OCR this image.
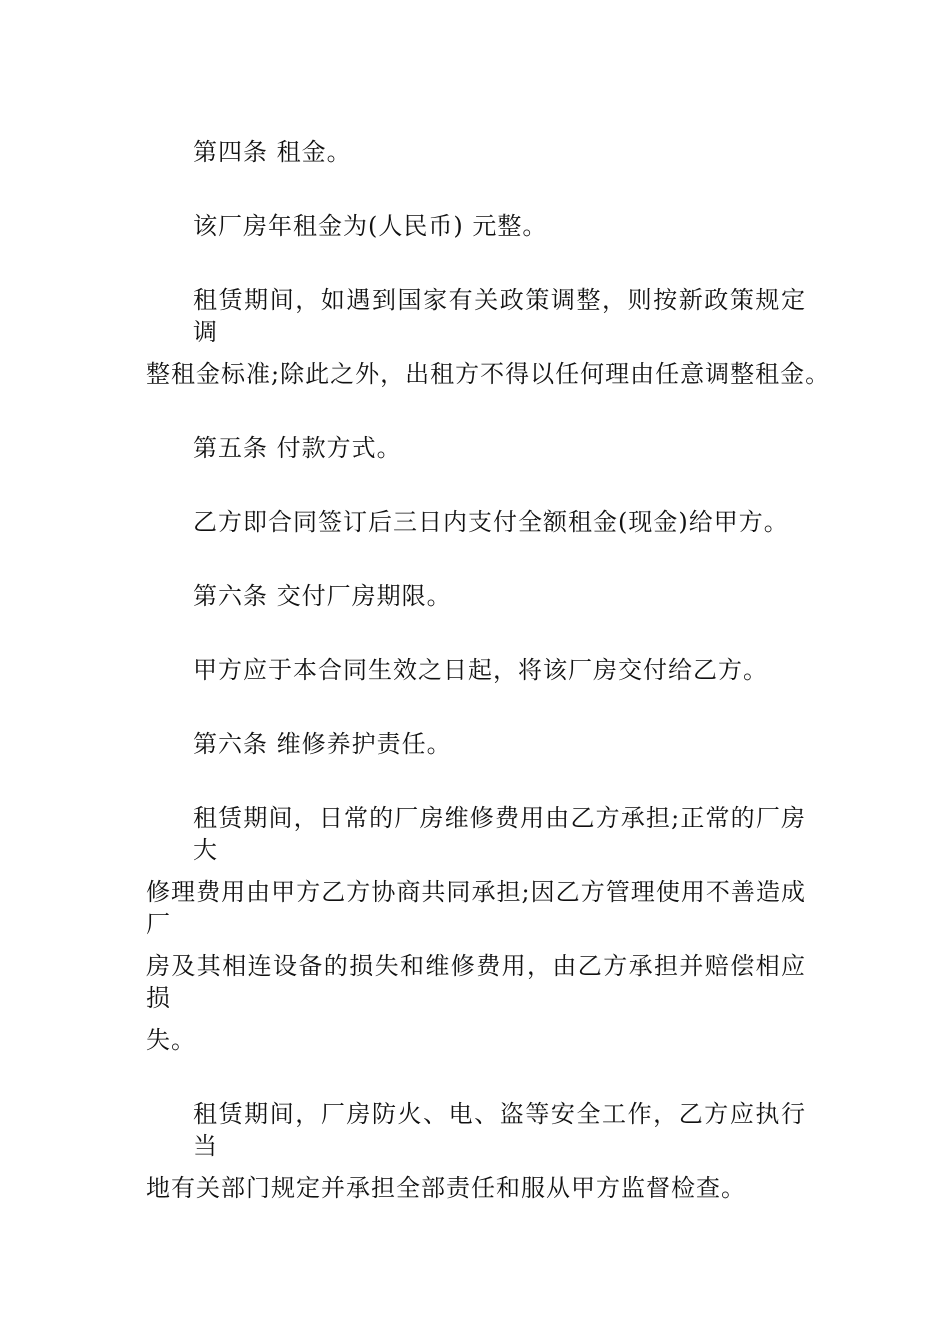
第四条 租金。
该厂房年租金为(人民币) 元整。
租赁期间，如遇到国家有关政策调整，则按新政策规定调
整租金标准;除此之外，出租方不得以任何理由任意调整租金。
第五条 付款方式。
乙方即合同签订后三日内支付全额租金(现金)给甲方。
第六条 交付厂房期限。
甲方应于本合同生效之日起，将该厂房交付给乙方。
第六条 维修养护责任。
租赁期间，日常的厂房维修费用由乙方承担;正常的厂房大
修理费用由甲方乙方协商共同承担;因乙方管理使用不善造成厂
房及其相连设备的损失和维修费用，由乙方承担并赔偿相应损
失。
租赁期间，厂房防火、电、盗等安全工作，乙方应执行当
地有关部门规定并承担全部责任和服从甲方监督检查。
